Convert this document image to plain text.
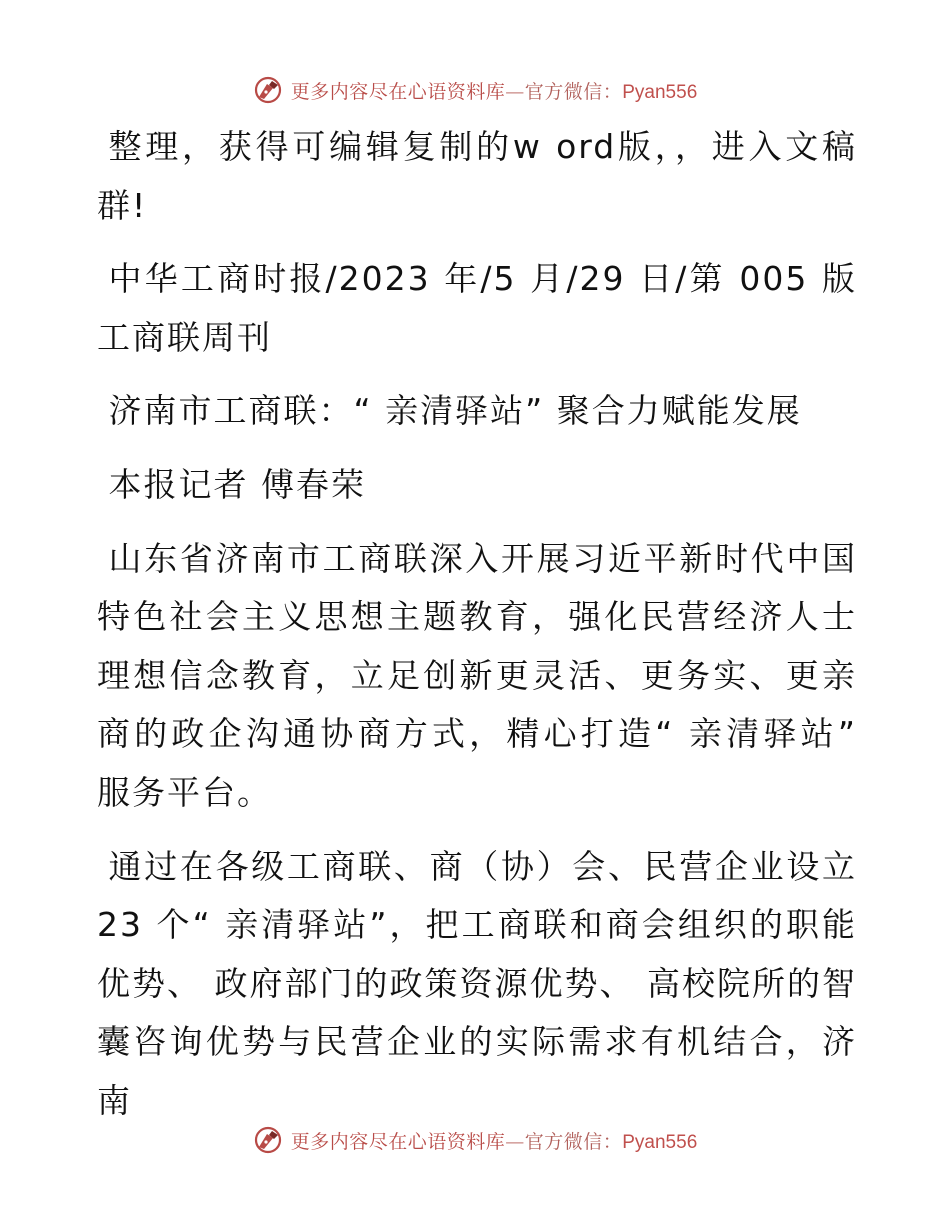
更多内容尽在心语资料库—官方微信：Pyan556

整理，获得可编辑复制的w ord版，，进入文稿群!

中华工商时报/2023 年/5 月/29 日/第 005 版工商联周刊

济南市工商联：“ 亲清驿站” 聚合力赋能发展

本报记者 傅春荣

山东省济南市工商联深入开展习近平新时代中国特色社会主义思想主题教育，强化民营经济人士理想信念教育，立足创新更灵活、更务实、更亲商的政企沟通协商方式，精心打造“ 亲清驿站” 服务平台。

通过在各级工商联、商（协）会、民营企业设立 23 个“ 亲清驿站”，把工商联和商会组织的职能优势、 政府部门的政策资源优势、 高校院所的智囊咨询优势与民营企业的实际需求有机结合，济南

更多内容尽在心语资料库—官方微信：Pyan556
